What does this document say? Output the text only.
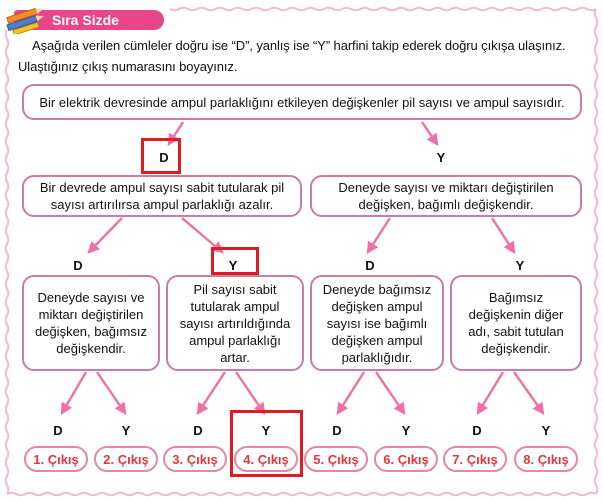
Sıra Sizde
Aşağıda verilen cümleler doğru ise “D”, yanlış ise “Y” harfini takip ederek doğru çıkışa ulaşınız.
Ulaştığınız çıkış numarasını boyayınız.
Bir elektrik devresinde ampul parlaklığını etkileyen değişkenler pil sayısı ve ampul sayısıdır.
D	Y
Bir devrede ampul sayısı sabit tutularak pil sayısı artırılırsa ampul parlaklığı azalır.
Deneyde sayısı ve miktarı değiştirilen değişken, bağımlı değişkendir.
D	Y	D	Y
Deneyde sayısı ve miktarı değiştirilen değişken, bağımsız değişkendir.
Pil sayısı sabit tutularak ampul sayısı artırıldığında ampul parlaklığı artar.
Deneyde bağımsız değişken ampul sayısı ise bağımlı değişken ampul parlaklığıdır.
Bağımsız değişkenin diğer adı, sabit tutulan değişkendir.
D	Y	D	Y	D	Y	D	Y
1. Çıkış 2. Çıkış 3. Çıkış 4. Çıkış 5. Çıkış 6. Çıkış 7. Çıkış 8. Çıkış
